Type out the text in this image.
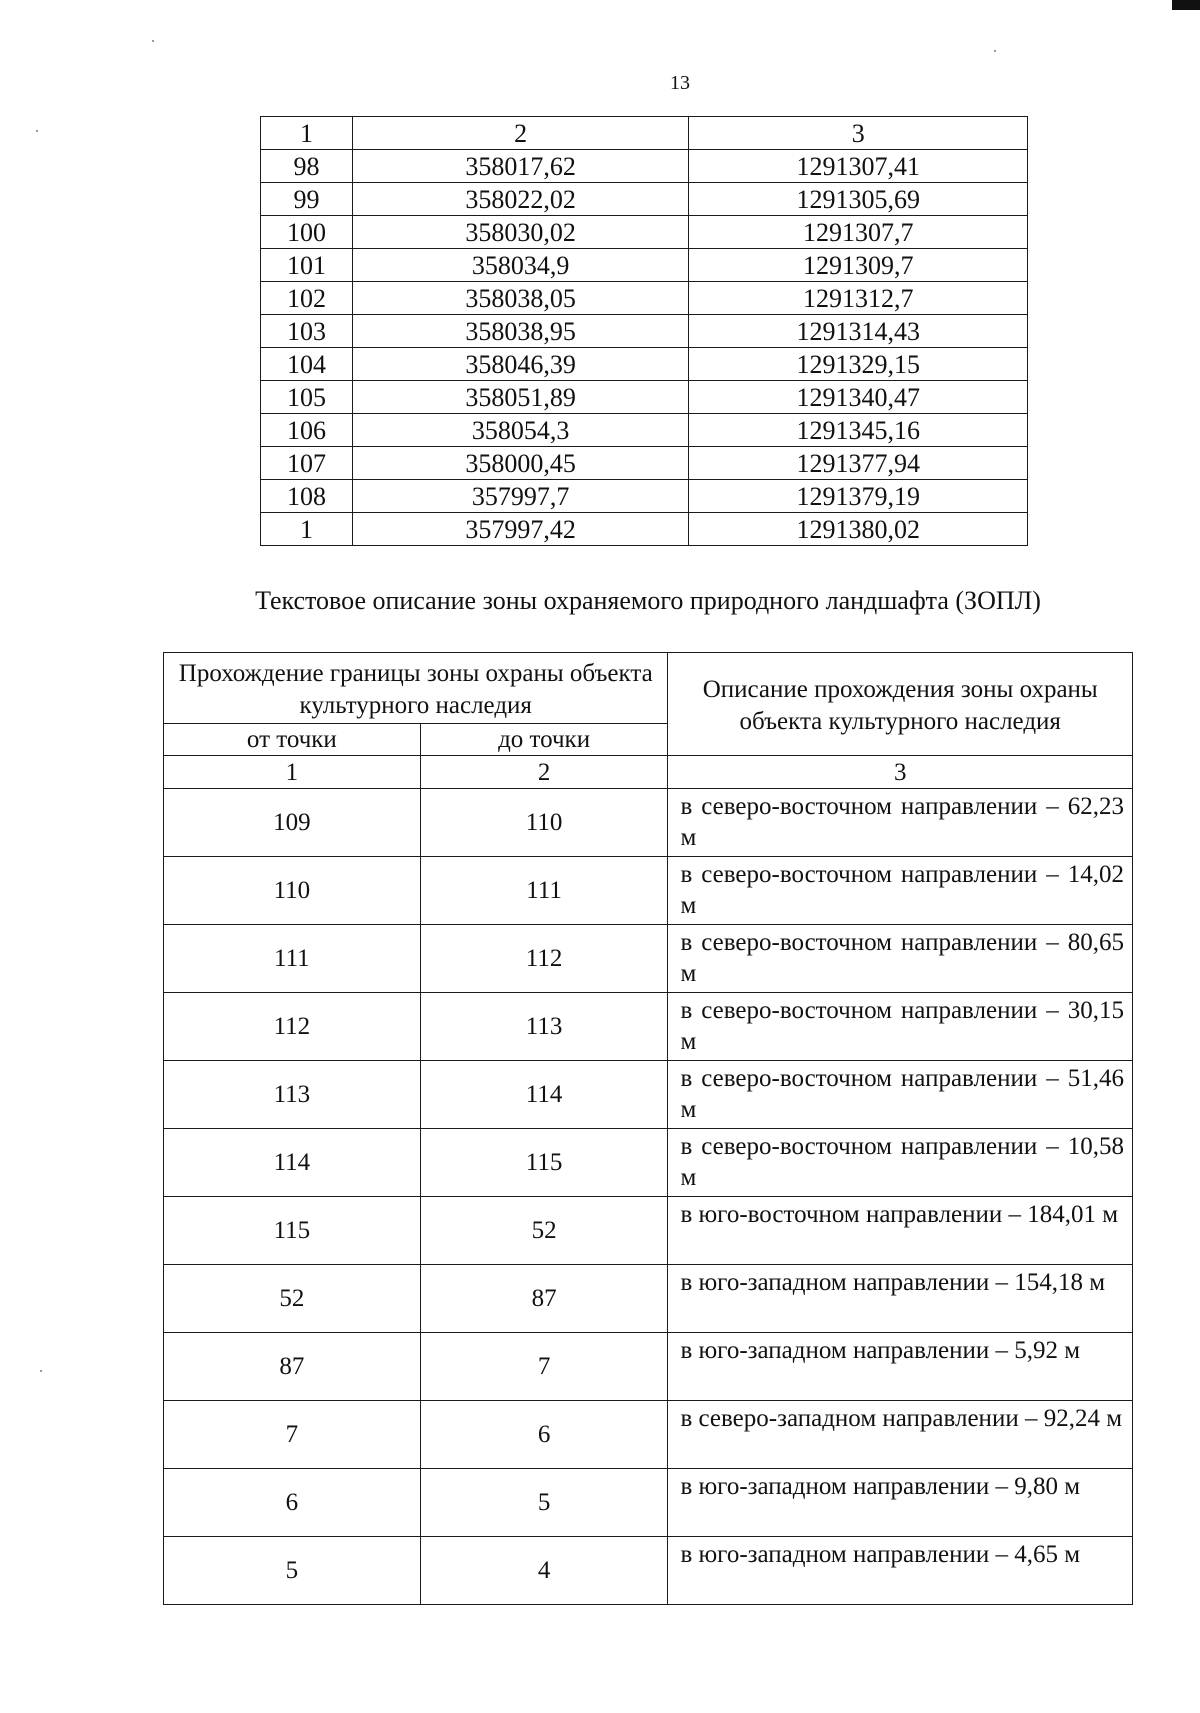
13
1	2	3
98	358017,62	1291307,41
99	358022,02	1291305,69
100	358030,02	1291307,7
101	358034,9	1291309,7
102	358038,05	1291312,7
103	358038,95	1291314,43
104	358046,39	1291329,15
105	358051,89	1291340,47
106	358054,3	1291345,16
107	358000,45	1291377,94
108	357997,7	1291379,19
1	357997,42	1291380,02
Текстовое описание зоны охраняемого природного ландшафта (ЗОПЛ)
Прохождение границы зоны охраны объекта культурного наследия		Описание прохождения зоны охраны объекта культурного наследия
от точки	до точки	
1	2	3
109	110	в северо-восточном направлении – 62,23 м
110	111	в северо-восточном направлении – 14,02 м
111	112	в северо-восточном направлении – 80,65 м
112	113	в северо-восточном направлении – 30,15 м
113	114	в северо-восточном направлении – 51,46 м
114	115	в северо-восточном направлении – 10,58 м
115	52	в юго-восточном направлении – 184,01 м
52	87	в юго-западном направлении – 154,18 м
87	7	в юго-западном направлении – 5,92 м
7	6	в северо-западном направлении – 92,24 м
6	5	в юго-западном направлении – 9,80 м
5	4	в юго-западном направлении – 4,65 м
